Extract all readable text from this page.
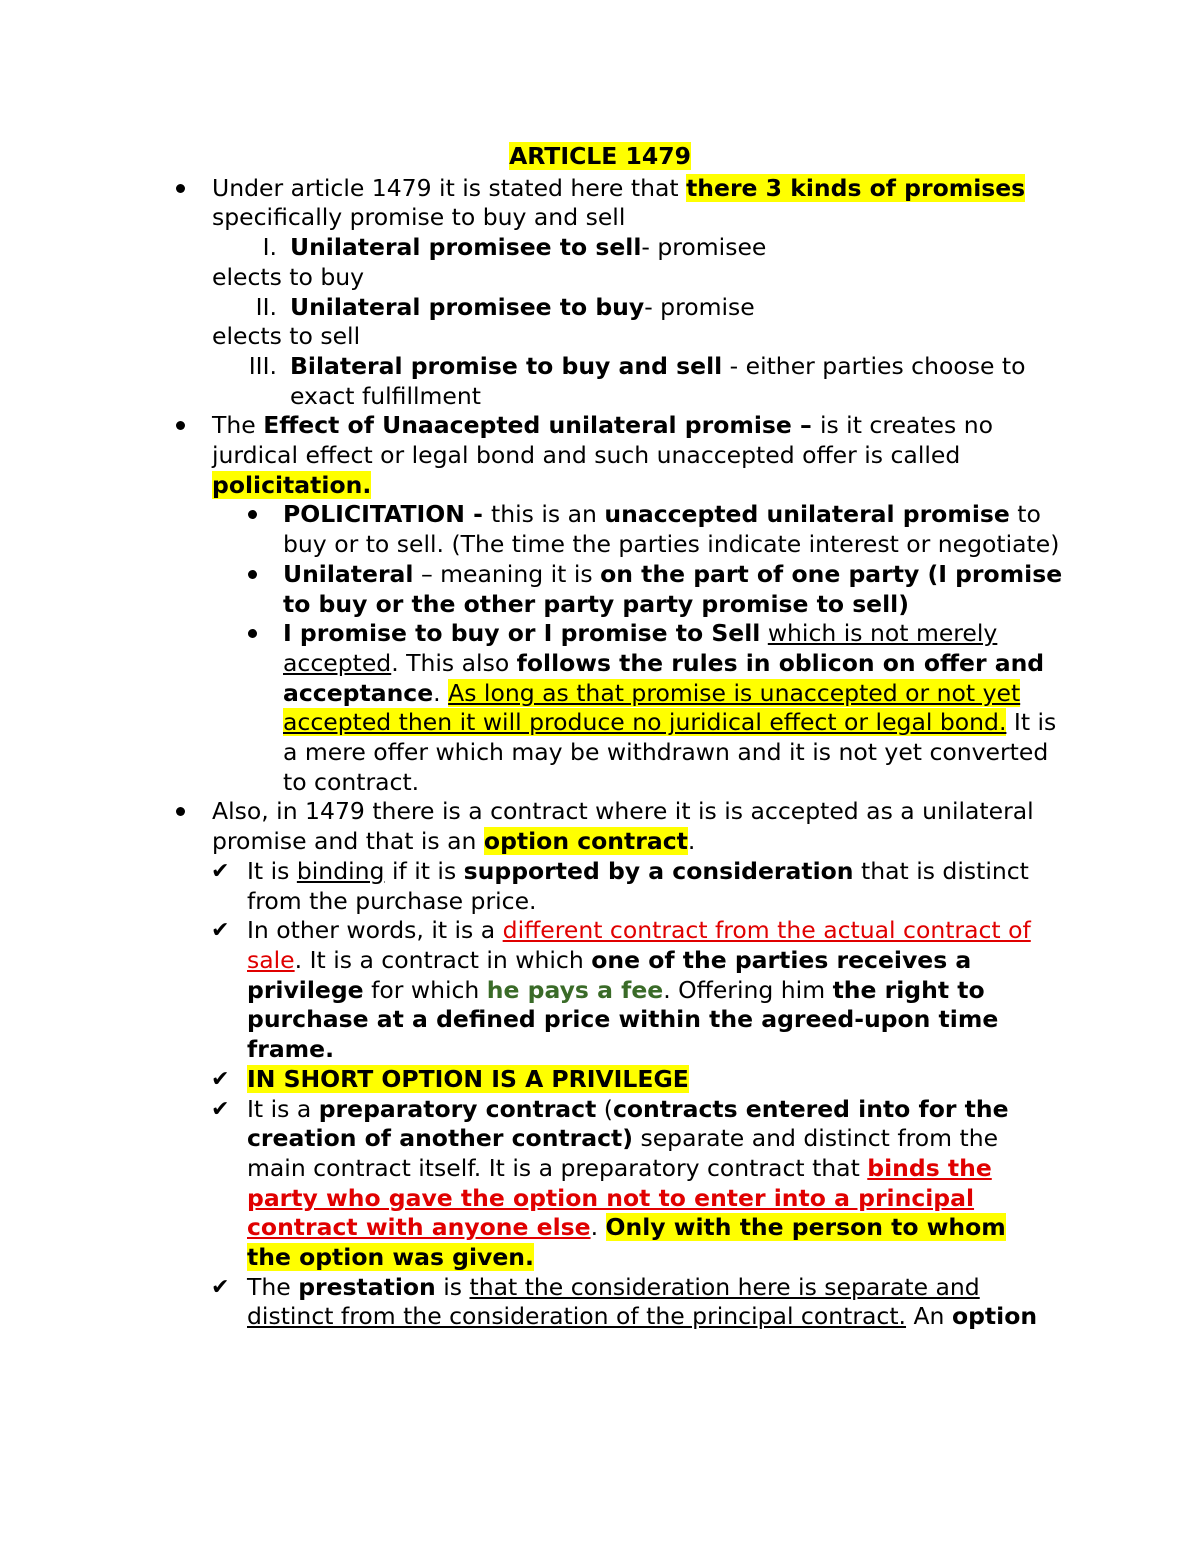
ARTICLE 1479
Under article 1479 it is stated here that there 3 kinds of promises specifically promise to buy and sell
I. Unilateral promisee to sell- promisee
elects to buy
II. Unilateral promisee to buy- promise
elects to sell
III. Bilateral promise to buy and sell - either parties choose to exact fulfillment
The Effect of Unaacepted unilateral promise – is it creates no jurdical effect or legal bond and such unaccepted offer is called policitation.
POLICITATION - this is an unaccepted unilateral promise to buy or to sell. (The time the parties indicate interest or negotiate)
Unilateral – meaning it is on the part of one party (I promise to buy or the other party party promise to sell)
I promise to buy or I promise to Sell which is not merely accepted. This also follows the rules in oblicon on offer and acceptance. As long as that promise is unaccepted or not yet accepted then it will produce no juridical effect or legal bond. It is a mere offer which may be withdrawn and it is not yet converted to contract.
Also, in 1479 there is a contract where it is is accepted as a unilateral promise and that is an option contract.
✔ It is binding if it is supported by a consideration that is distinct from the purchase price.
✔ In other words, it is a different contract from the actual contract of sale. It is a contract in which one of the parties receives a privilege for which he pays a fee. Offering him the right to purchase at a defined price within the agreed-upon time frame.
✔ IN SHORT OPTION IS A PRIVILEGE
✔ It is a preparatory contract (contracts entered into for the creation of another contract) separate and distinct from the main contract itself. It is a preparatory contract that binds the party who gave the option not to enter into a principal contract with anyone else. Only with the person to whom the option was given.
✔ The prestation is that the consideration here is separate and distinct from the consideration of the principal contract. An option
